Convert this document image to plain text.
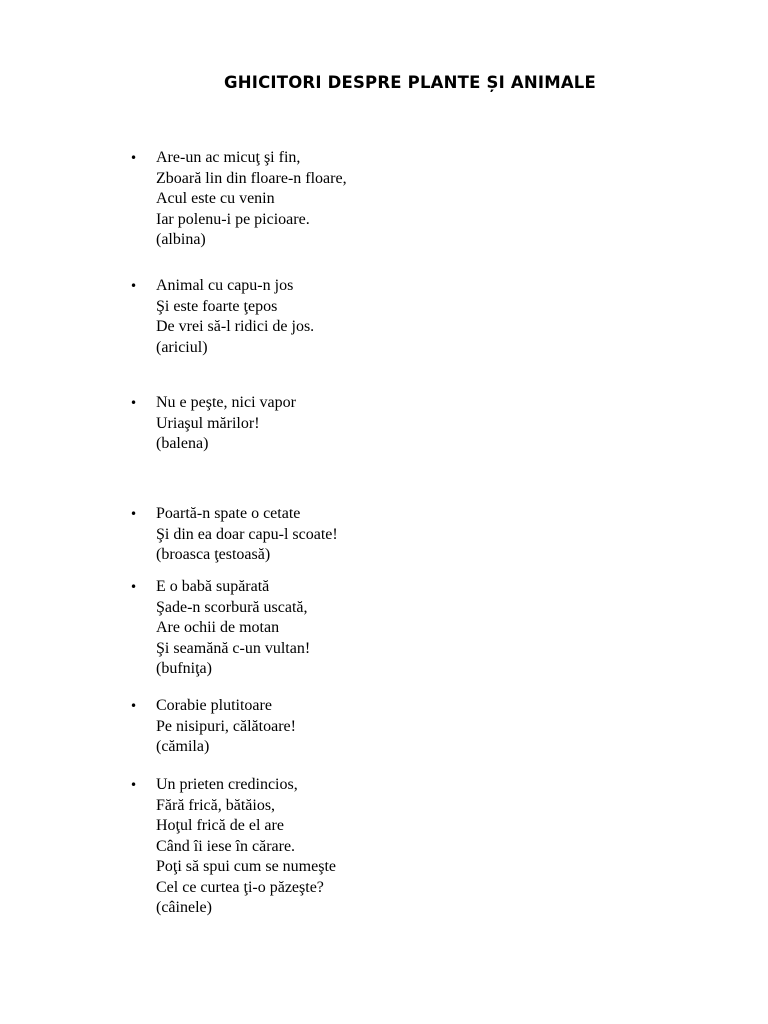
GHICITORI DESPRE PLANTE ȘI ANIMALE
• Are-un ac micuţ şi fin,
Zboară lin din floare-n floare,
Acul este cu venin
Iar polenu-i pe picioare.
(albina)
• Animal cu capu-n jos
Şi este foarte ţepos
De vrei să-l ridici de jos.
(ariciul)
• Nu e peşte, nici vapor
Uriaşul mărilor!
(balena)
• Poartă-n spate o cetate
Şi din ea doar capu-l scoate!
(broasca ţestoasă)
• E o babă supărată
Şade-n scorbură uscată,
Are ochii de motan
Şi seamănă c-un vultan!
(bufniţa)
• Corabie plutitoare
Pe nisipuri, călătoare!
(cămila)
• Un prieten credincios,
Fără frică, bătăios,
Hoţul frică de el are
Când îi iese în cărare.
Poţi să spui cum se numeşte
Cel ce curtea ţi-o păzeşte?
(câinele)
